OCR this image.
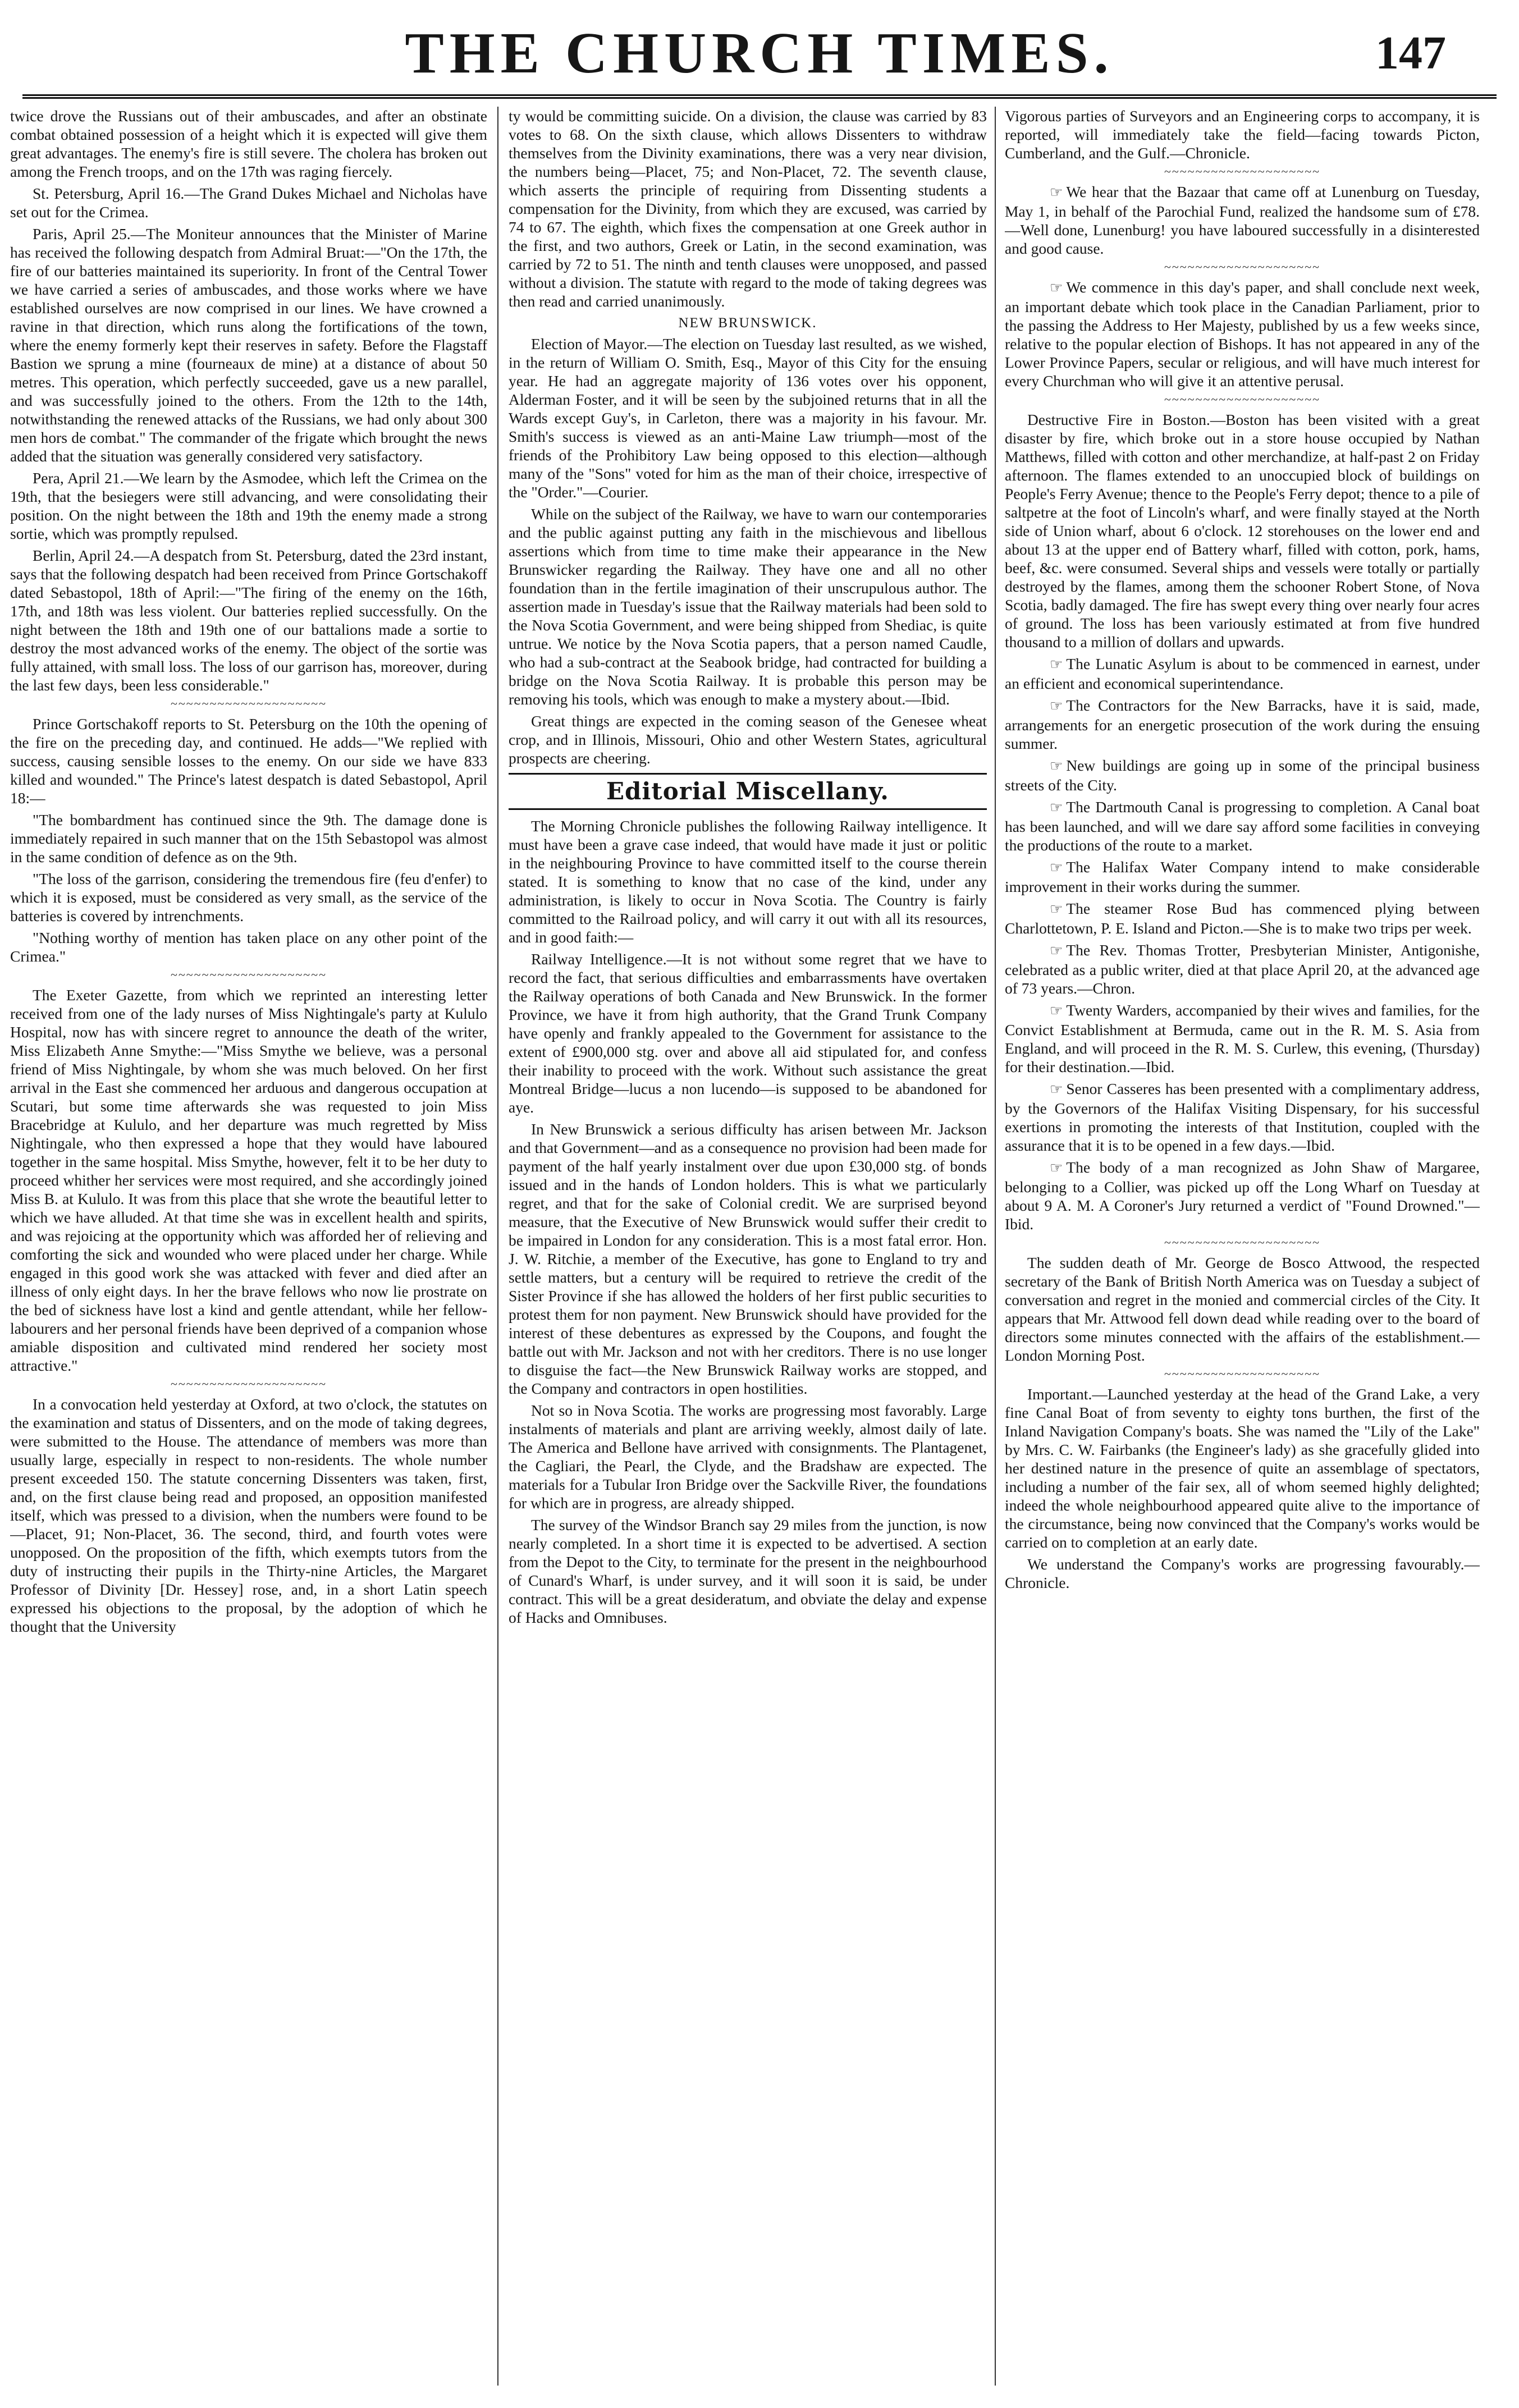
THE CHURCH TIMES.	147

twice drove the Russians out of their ambuscades, and after an obstinate combat obtained possession of a height which it is expected will give them great advantages. The enemy's fire is still severe. The cholera has broken out among the French troops, and on the 17th was raging fiercely.

St. Petersburg, April 16.—The Grand Dukes Michael and Nicholas have set out for the Crimea.

Paris, April 25.—The Moniteur announces that the Minister of Marine has received the following despatch from Admiral Bruat:—"On the 17th, the fire of our batteries maintained its superiority. In front of the Central Tower we have carried a series of ambuscades, and those works where we have established ourselves are now comprised in our lines. We have crowned a ravine in that direction, which runs along the fortifications of the town, where the enemy formerly kept their reserves in safety. Before the Flagstaff Bastion we sprung a mine (fourneaux de mine) at a distance of about 50 metres. This operation, which perfectly succeeded, gave us a new parallel, and was successfully joined to the others. From the 12th to the 14th, notwithstanding the renewed attacks of the Russians, we had only about 300 men hors de combat." The commander of the frigate which brought the news added that the situation was generally considered very satisfactory.

Pera, April 21.—We learn by the Asmodee, which left the Crimea on the 19th, that the besiegers were still advancing, and were consolidating their position. On the night between the 18th and 19th the enemy made a strong sortie, which was promptly repulsed.

Berlin, April 24.—A despatch from St. Petersburg, dated the 23rd instant, says that the following despatch had been received from Prince Gortschakoff dated Sebastopol, 18th of April:—"The firing of the enemy on the 16th, 17th, and 18th was less violent. Our batteries replied successfully. On the night between the 18th and 19th one of our battalions made a sortie to destroy the most advanced works of the enemy. The object of the sortie was fully attained, with small loss. The loss of our garrison has, moreover, during the last few days, been less considerable."

~~~~~

Prince Gortschakoff reports to St. Petersburg on the 10th the opening of the fire on the preceding day, and continued. He adds—"We replied with success, causing sensible losses to the enemy. On our side we have 833 killed and wounded." The Prince's latest despatch is dated Sebastopol, April 18:—

"The bombardment has continued since the 9th. The damage done is immediately repaired in such manner that on the 15th Sebastopol was almost in the same condition of defence as on the 9th.

"The loss of the garrison, considering the tremendous fire (feu d'enfer) to which it is exposed, must be considered as very small, as the service of the batteries is covered by intrenchments.

"Nothing worthy of mention has taken place on any other point of the Crimea."

~~~~~

The Exeter Gazette, from which we reprinted an interesting letter received from one of the lady nurses of Miss Nightingale's party at Kululo Hospital, now has with sincere regret to announce the death of the writer, Miss Elizabeth Anne Smythe:—"Miss Smythe we believe, was a personal friend of Miss Nightingale, by whom she was much beloved. On her first arrival in the East she commenced her arduous and dangerous occupation at Scutari, but some time afterwards she was requested to join Miss Bracebridge at Kululo, and her departure was much regretted by Miss Nightingale, who then expressed a hope that they would have laboured together in the same hospital. Miss Smythe, however, felt it to be her duty to proceed whither her services were most required, and she accordingly joined Miss B. at Kululo. It was from this place that she wrote the beautiful letter to which we have alluded. At that time she was in excellent health and spirits, and was rejoicing at the opportunity which was afforded her of relieving and comforting the sick and wounded who were placed under her charge. While engaged in this good work she was attacked with fever and died after an illness of only eight days. In her the brave fellows who now lie prostrate on the bed of sickness have lost a kind and gentle attendant, while her fellow-labourers and her personal friends have been deprived of a companion whose amiable disposition and cultivated mind rendered her society most attractive."

~~~~~

In a convocation held yesterday at Oxford, at two o'clock, the statutes on the examination and status of Dissenters, and on the mode of taking degrees, were submitted to the House. The attendance of members was more than usually large, especially in respect to non-residents. The whole number present exceeded 150. The statute concerning Dissenters was taken, first, and, on the first clause being read and proposed, an opposition manifested itself, which was pressed to a division, when the numbers were found to be—Placet, 91; Non-Placet, 36. The second, third, and fourth votes were unopposed. On the proposition of the fifth, which exempts tutors from the duty of instructing their pupils in the Thirty-nine Articles, the Margaret Professor of Divinity [Dr. Hessey] rose, and, in a short Latin speech expressed his objections to the proposal, by the adoption of which he thought that the University

ty would be committing suicide. On a division, the clause was carried by 83 votes to 68. On the sixth clause, which allows Dissenters to withdraw themselves from the Divinity examinations, there was a very near division, the numbers being—Placet, 75; and Non-Placet, 72. The seventh clause, which asserts the principle of requiring from Dissenting students a compensation for the Divinity, from which they are excused, was carried by 74 to 67. The eighth, which fixes the compensation at one Greek author in the first, and two authors, Greek or Latin, in the second examination, was carried by 72 to 51. The ninth and tenth clauses were unopposed, and passed without a division. The statute with regard to the mode of taking degrees was then read and carried unanimously.

NEW BRUNSWICK.

Election of Mayor.—The election on Tuesday last resulted, as we wished, in the return of William O. Smith, Esq., Mayor of this City for the ensuing year. He had an aggregate majority of 136 votes over his opponent, Alderman Foster, and it will be seen by the subjoined returns that in all the Wards except Guy's, in Carleton, there was a majority in his favour. Mr. Smith's success is viewed as an anti-Maine Law triumph—most of the friends of the Prohibitory Law being opposed to this election—although many of the "Sons" voted for him as the man of their choice, irrespective of the "Order."—Courier.

While on the subject of the Railway, we have to warn our contemporaries and the public against putting any faith in the mischievous and libellous assertions which from time to time make their appearance in the New Brunswicker regarding the Railway. They have one and all no other foundation than in the fertile imagination of their unscrupulous author. The assertion made in Tuesday's issue that the Railway materials had been sold to the Nova Scotia Government, and were being shipped from Shediac, is quite untrue. We notice by the Nova Scotia papers, that a person named Caudle, who had a sub-contract at the Seabook bridge, had contracted for building a bridge on the Nova Scotia Railway. It is probable this person may be removing his tools, which was enough to make a mystery about.—Ibid.

Great things are expected in the coming season of the Genesee wheat crop, and in Illinois, Missouri, Ohio and other Western States, agricultural prospects are cheering.

Editorial Miscellany.

The Morning Chronicle publishes the following Railway intelligence. It must have been a grave case indeed, that would have made it just or politic in the neighbouring Province to have committed itself to the course therein stated. It is something to know that no case of the kind, under any administration, is likely to occur in Nova Scotia. The Country is fairly committed to the Railroad policy, and will carry it out with all its resources, and in good faith:—

Railway Intelligence.—It is not without some regret that we have to record the fact, that serious difficulties and embarrassments have overtaken the Railway operations of both Canada and New Brunswick. In the former Province, we have it from high authority, that the Grand Trunk Company have openly and frankly appealed to the Government for assistance to the extent of £900,000 stg. over and above all aid stipulated for, and confess their inability to proceed with the work. Without such assistance the great Montreal Bridge—lucus a non lucendo—is supposed to be abandoned for aye.

In New Brunswick a serious difficulty has arisen between Mr. Jackson and that Government—and as a consequence no provision had been made for payment of the half yearly instalment over due upon £30,000 stg. of bonds issued and in the hands of London holders. This is what we particularly regret, and that for the sake of Colonial credit. We are surprised beyond measure, that the Executive of New Brunswick would suffer their credit to be impaired in London for any consideration. This is a most fatal error. Hon. J. W. Ritchie, a member of the Executive, has gone to England to try and settle matters, but a century will be required to retrieve the credit of the Sister Province if she has allowed the holders of her first public securities to protest them for non payment. New Brunswick should have provided for the interest of these debentures as expressed by the Coupons, and fought the battle out with Mr. Jackson and not with her creditors. There is no use longer to disguise the fact—the New Brunswick Railway works are stopped, and the Company and contractors in open hostilities.

Not so in Nova Scotia. The works are progressing most favorably. Large instalments of materials and plant are arriving weekly, almost daily of late. The America and Bellone have arrived with consignments. The Plantagenet, the Cagliari, the Pearl, the Clyde, and the Bradshaw are expected. The materials for a Tubular Iron Bridge over the Sackville River, the foundations for which are in progress, are already shipped.

The survey of the Windsor Branch say 29 miles from the junction, is now nearly completed. In a short time it is expected to be advertised. A section from the Depot to the City, to terminate for the present in the neighbourhood of Cunard's Wharf, is under survey, and it will soon it is said, be under contract. This will be a great desideratum, and obviate the delay and expense of Hacks and Omnibuses.

Vigorous parties of Surveyors and an Engineering corps to accompany, it is reported, will immediately take the field—facing towards Picton, Cumberland, and the Gulf.—Chronicle.

~~~~~

☞We hear that the Bazaar that came off at Lunenburg on Tuesday, May 1, in behalf of the Parochial Fund, realized the handsome sum of £78.—Well done, Lunenburg! you have laboured successfully in a disinterested and good cause.

~~~~~

☞We commence in this day's paper, and shall conclude next week, an important debate which took place in the Canadian Parliament, prior to the passing the Address to Her Majesty, published by us a few weeks since, relative to the popular election of Bishops. It has not appeared in any of the Lower Province Papers, secular or religious, and will have much interest for every Churchman who will give it an attentive perusal.

~~~~~

Destructive Fire in Boston.—Boston has been visited with a great disaster by fire, which broke out in a store house occupied by Nathan Matthews, filled with cotton and other merchandize, at half-past 2 on Friday afternoon. The flames extended to an unoccupied block of buildings on People's Ferry Avenue; thence to the People's Ferry depot; thence to a pile of saltpetre at the foot of Lincoln's wharf, and were finally stayed at the North side of Union wharf, about 6 o'clock. 12 storehouses on the lower end and about 13 at the upper end of Battery wharf, filled with cotton, pork, hams, beef, &c. were consumed. Several ships and vessels were totally or partially destroyed by the flames, among them the schooner Robert Stone, of Nova Scotia, badly damaged. The fire has swept every thing over nearly four acres of ground. The loss has been variously estimated at from five hundred thousand to a million of dollars and upwards.

☞The Lunatic Asylum is about to be commenced in earnest, under an efficient and economical superintendance.

☞The Contractors for the New Barracks, have it is said, made, arrangements for an energetic prosecution of the work during the ensuing summer.

☞New buildings are going up in some of the principal business streets of the City.

☞The Dartmouth Canal is progressing to completion. A Canal boat has been launched, and will we dare say afford some facilities in conveying the productions of the route to a market.

☞The Halifax Water Company intend to make considerable improvement in their works during the summer.

☞The steamer Rose Bud has commenced plying between Charlottetown, P. E. Island and Picton.—She is to make two trips per week.

☞The Rev. Thomas Trotter, Presbyterian Minister, Antigonishe, celebrated as a public writer, died at that place April 20, at the advanced age of 73 years.—Chron.

☞Twenty Warders, accompanied by their wives and families, for the Convict Establishment at Bermuda, came out in the R. M. S. Asia from England, and will proceed in the R. M. S. Curlew, this evening, (Thursday) for their destination.—Ibid.

☞Senor Casseres has been presented with a complimentary address, by the Governors of the Halifax Visiting Dispensary, for his successful exertions in promoting the interests of that Institution, coupled with the assurance that it is to be opened in a few days.—Ibid.

☞The body of a man recognized as John Shaw of Margaree, belonging to a Collier, was picked up off the Long Wharf on Tuesday at about 9 A. M. A Coroner's Jury returned a verdict of "Found Drowned."—Ibid.

~~~~~

The sudden death of Mr. George de Bosco Attwood, the respected secretary of the Bank of British North America was on Tuesday a subject of conversation and regret in the monied and commercial circles of the City. It appears that Mr. Attwood fell down dead while reading over to the board of directors some minutes connected with the affairs of the establishment.—London Morning Post.

~~~~~

Important.—Launched yesterday at the head of the Grand Lake, a very fine Canal Boat of from seventy to eighty tons burthen, the first of the Inland Navigation Company's boats. She was named the "Lily of the Lake" by Mrs. C. W. Fairbanks (the Engineer's lady) as she gracefully glided into her destined nature in the presence of quite an assemblage of spectators, including a number of the fair sex, all of whom seemed highly delighted; indeed the whole neighbourhood appeared quite alive to the importance of the circumstance, being now convinced that the Company's works would be carried on to completion at an early date.

We understand the Company's works are progressing favourably.—Chronicle.
